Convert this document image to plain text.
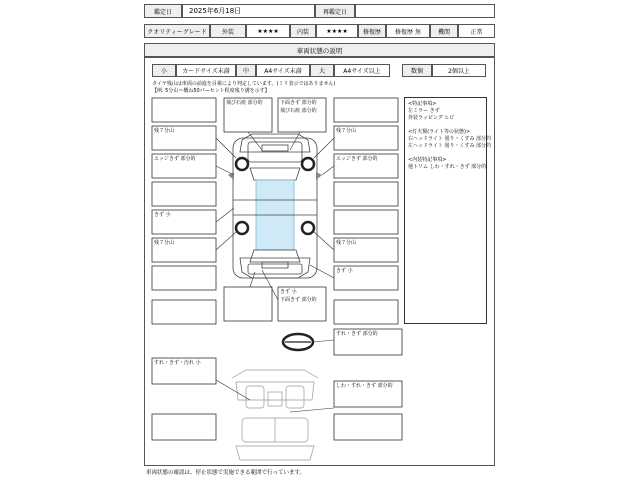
鑑定日 2025年6月18日	再鑑定日
クオリティーグレード	外装	★★★★	内装	★★★★	修復歴 修復歴 無	機関	正常
車両状態の説明
小	カードサイズ未満 中	A4サイズ未満	大	A4サイズ以上	数個	2個以上
タイヤ残山は車両の前進を目視により判定しています。(ミリ表示ではありません)
【例. 5分山＝概ね50パーセント程度残り溝を示す】
<特記事項>
左ミラー きず
外装ラッピング ヒビ
<灯火類(ライト等の状態)>
右ヘッドライト 曇り・くすみ 部分的
左ヘッドライト 曇り・くすみ 部分的
<内装特記事項>
他トリム しわ・すれ・きず 部分的
飛び石痕 部分的	下面きず 部分的
飛び石痕 部分的
残７分山	残７分山
エッジきず 部分的	エッジきず 部分的
きず 小
残７分山	残７分山
きず 小
きず 小
下面きず 部分的
すれ・きず 部分的
すれ・きず・汚れ 小
しわ・すれ・きず 部分的
車両状態の確認は、停止状態で実施できる範囲で行っています。
